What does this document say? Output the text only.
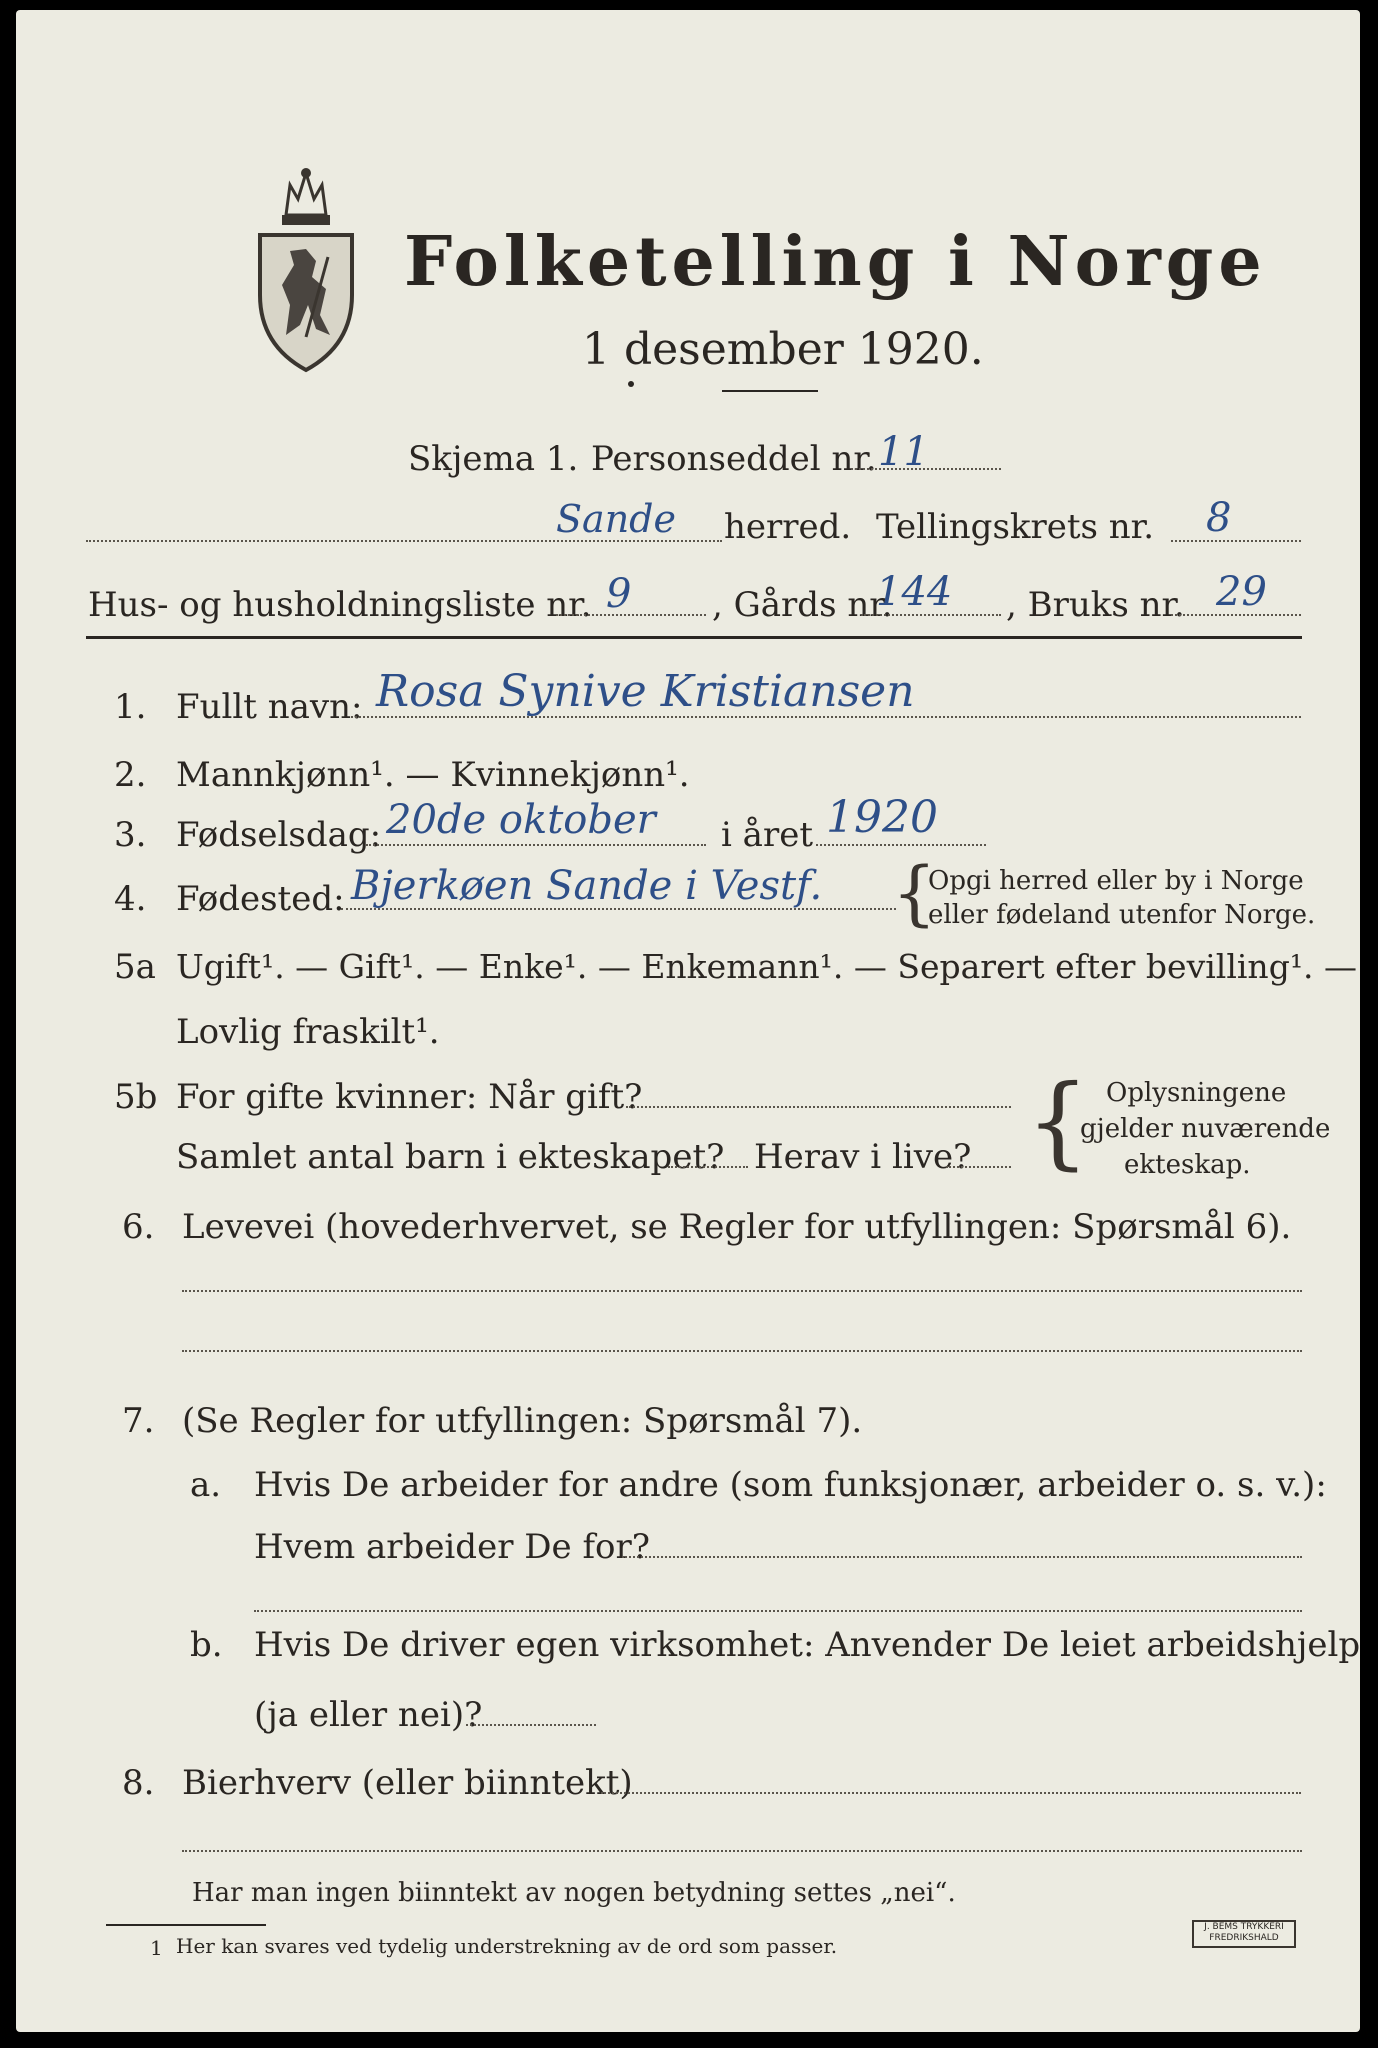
Folketelling i Norge
1 desember 1920.
Skjema 1. Personseddel nr. 11
Sande herred. Tellingskrets nr. 8
Hus- og husholdningsliste nr. 9 , Gårds nr.
144 , Bruks nr. 29
1. Fullt navn: Rosa Synive Kristiansen
2. Mannkjønn¹. — Kvinnekjønn¹.
3. Fødselsdag: 20de oktober i året 1920
4. Fødested: Bjerkøen Sande i Vestf. {
Opgi herred eller by i Norge
eller fødeland utenfor Norge.
5a Ugift¹. — Gift¹. — Enke¹. — Enkemann¹. — Separert efter bevilling¹. —
Lovlig fraskilt¹.
5b For gifte kvinner: Når gift?
Samlet antal barn i ekteskapet? Herav i live? { Oplysningene
gjelder nuværende
ekteskap.
6. Levevei (hovederhvervet, se Regler for utfyllingen: Spørsmål 6).
7. (Se Regler for utfyllingen: Spørsmål 7).
a. Hvis De arbeider for andre (som funksjonær, arbeider o. s. v.):
Hvem arbeider De for?
b. Hvis De driver egen virksomhet: Anvender De leiet arbeidshjelp
(ja eller nei)?
8. Bierhverv (eller biinntekt)
Har man ingen biinntekt av nogen betydning settes „nei“.
1 Her kan svares ved tydelig understrekning av de ord som passer.
J. BEMS TRYKKERI
FREDRIKSHALD
